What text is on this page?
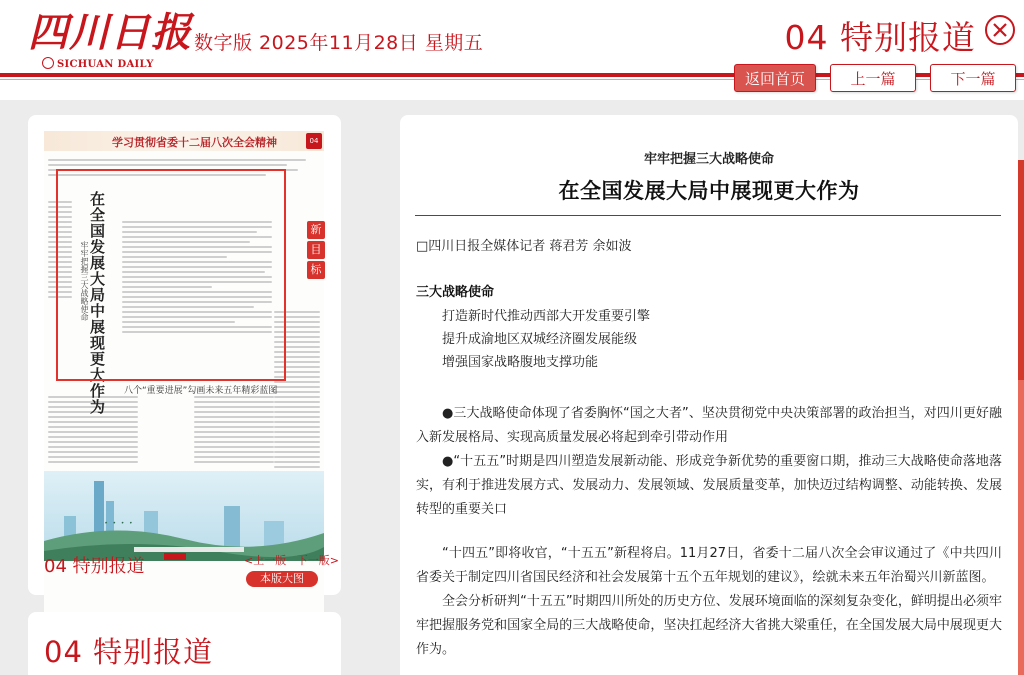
四川日报
SICHUAN DAILY
数字版 2025年11月28日 星期五	04 特别报道
返回首页	上一篇	下一篇
学习贯彻省委十二届八次全会精神	04
在全国发展大局中展现更大作为
牢牢把握三大战略使命
新
目
标
八个“重要进展”勾画未来五年精彩蓝图
· · · ·
04 特别报道	<上一版 下一版>
本版大图
04 特别报道
牢牢把握三大战略使命
在全国发展大局中展现更大作为
□四川日报全媒体记者 蒋君芳 余如波
三大战略使命
打造新时代推动西部大开发重要引擎
提升成渝地区双城经济圈发展能级
增强国家战略腹地支撑功能
●三大战略使命体现了省委胸怀“国之大者”、坚决贯彻党中央决策部署的政治担当，对四川更好融入新发展格局、实现高质量发展必将起到牵引带动作用
●“十五五”时期是四川塑造发展新动能、形成竞争新优势的重要窗口期，推动三大战略使命落地落实，有利于推进发展方式、发展动力、发展领域、发展质量变革，加快迈过结构调整、动能转换、发展转型的重要关口
“十四五”即将收官，“十五五”新程将启。11月27日，省委十二届八次全会审议通过了《中共四川省委关于制定四川省国民经济和社会发展第十五个五年规划的建议》，绘就未来五年治蜀兴川新蓝图。
全会分析研判“十五五”时期四川所处的历史方位、发展环境面临的深刻复杂变化，鲜明提出必须牢牢把握服务党和国家全局的三大战略使命，坚决扛起经济大省挑大梁重任，在全国发展大局中展现更大作为。
